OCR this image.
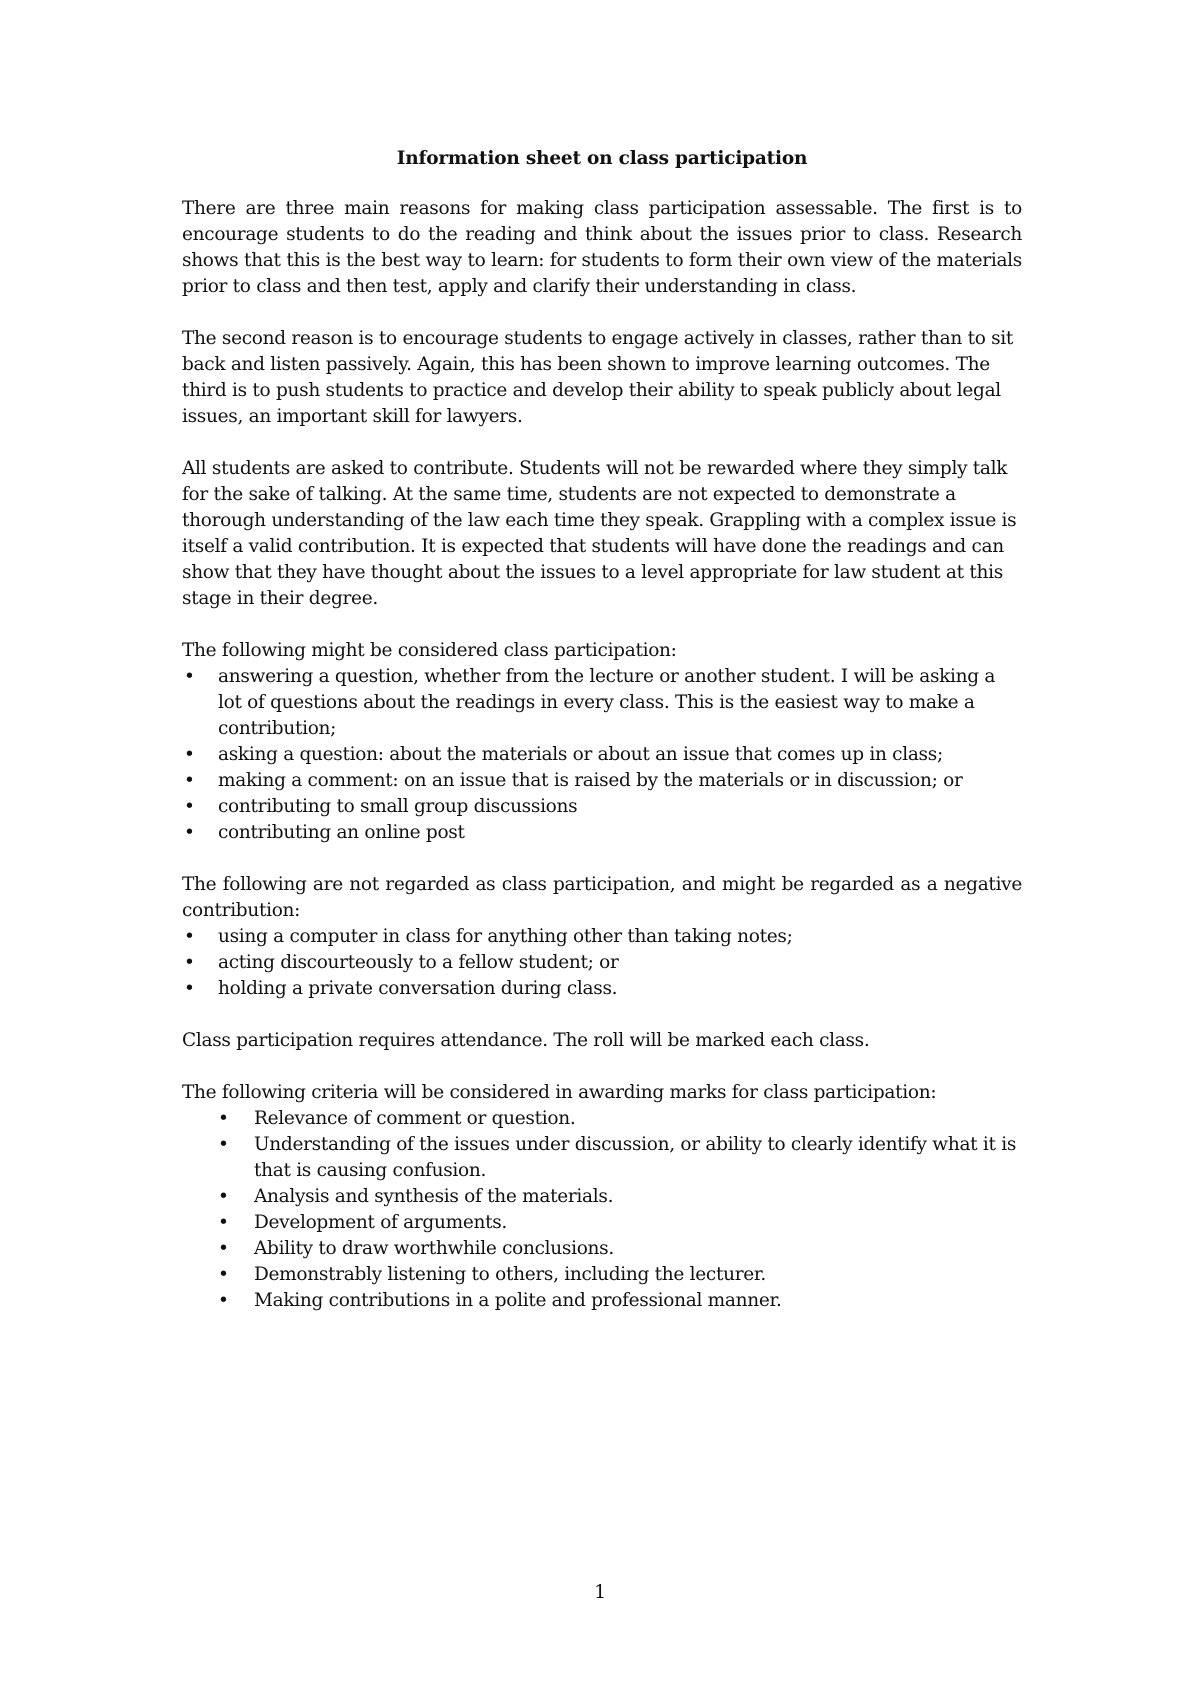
Information sheet on class participation

There are three main reasons for making class participation assessable. The first is to encourage students to do the reading and think about the issues prior to class. Research shows that this is the best way to learn: for students to form their own view of the materials prior to class and then test, apply and clarify their understanding in class.

The second reason is to encourage students to engage actively in classes, rather than to sit back and listen passively. Again, this has been shown to improve learning outcomes. The third is to push students to practice and develop their ability to speak publicly about legal issues, an important skill for lawyers.

All students are asked to contribute. Students will not be rewarded where they simply talk for the sake of talking. At the same time, students are not expected to demonstrate a thorough understanding of the law each time they speak. Grappling with a complex issue is itself a valid contribution. It is expected that students will have done the readings and can show that they have thought about the issues to a level appropriate for law student at this stage in their degree.

The following might be considered class participation:
• answering a question, whether from the lecture or another student. I will be asking a lot of questions about the readings in every class. This is the easiest way to make a contribution;
• asking a question: about the materials or about an issue that comes up in class;
• making a comment: on an issue that is raised by the materials or in discussion; or
• contributing to small group discussions
• contributing an online post
The following are not regarded as class participation, and might be regarded as a negative contribution:
• using a computer in class for anything other than taking notes;
• acting discourteously to a fellow student; or
• holding a private conversation during class.

Class participation requires attendance. The roll will be marked each class.

The following criteria will be considered in awarding marks for class participation:
• Relevance of comment or question.
• Understanding of the issues under discussion, or ability to clearly identify what it is that is causing confusion.
• Analysis and synthesis of the materials.
• Development of arguments.
• Ability to draw worthwhile conclusions.
• Demonstrably listening to others, including the lecturer.
• Making contributions in a polite and professional manner.
1
